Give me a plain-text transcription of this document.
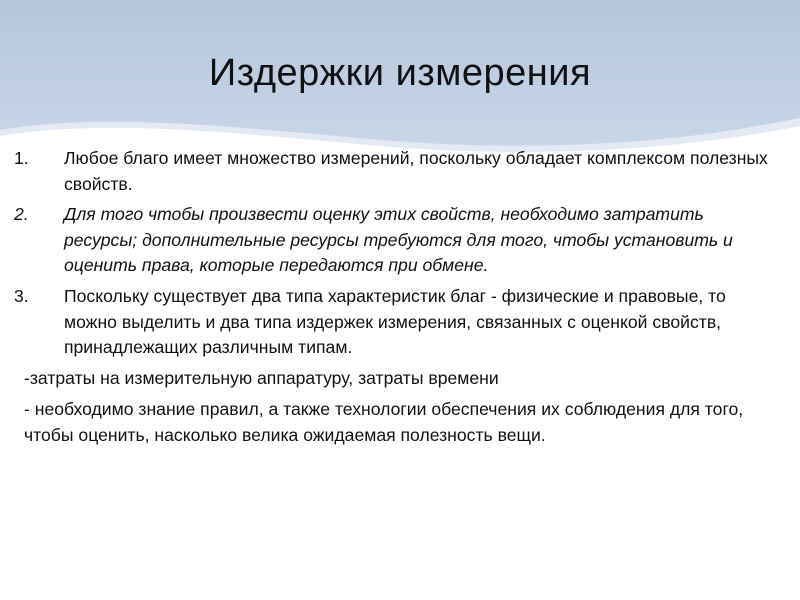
Издержки измерения
1.	Любое благо имеет множество измерений, поскольку обладает комплексом полезных свойств.
2.	Для того чтобы произвести оценку этих свойств, необходимо затратить ресурсы; дополнительные ресурсы требуются для того, чтобы установить и оценить права, которые передаются при обмене.
3.	Поскольку существует два типа характеристик благ - физические и правовые, то можно выделить и два типа издержек измерения, связанных с оценкой свойств, принадлежащих различным типам.
-затраты на измерительную аппаратуру, затраты времени
- необходимо знание правил, а также технологии обеспечения их соблюдения для того, чтобы оценить, насколько велика ожидаемая полезность вещи.
